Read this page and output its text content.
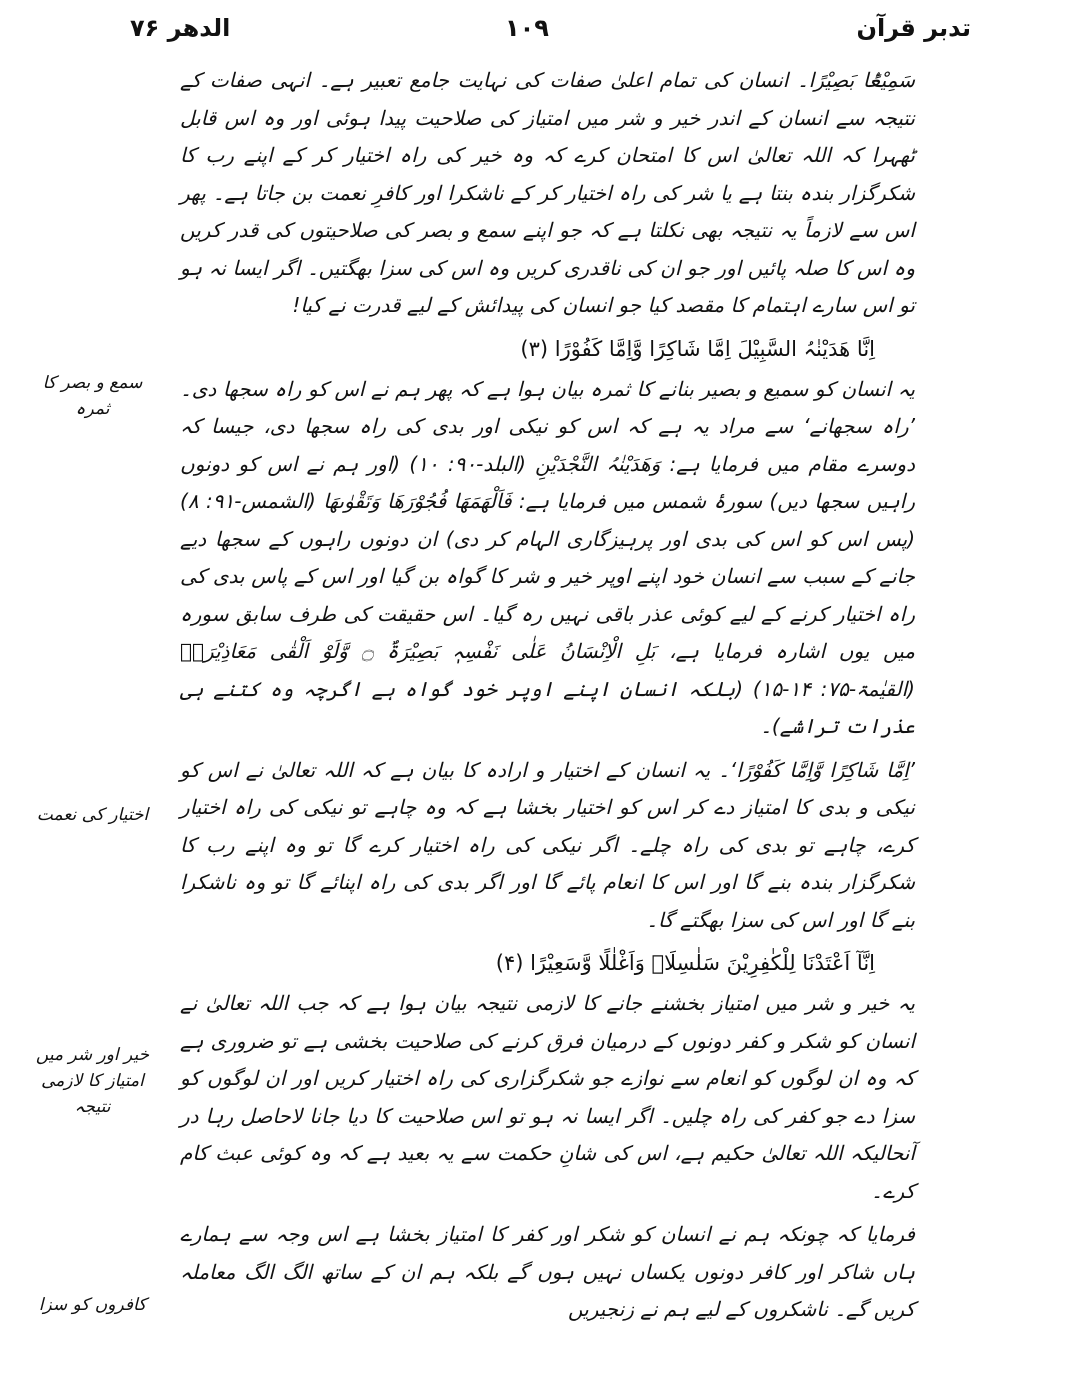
تدبر قرآن
۱۰۹
الدھر ۷۶

سَمِیْعًۢا بَصِیْرًا۔ انسان کی تمام اعلیٰ صفات کی نہایت جامع تعبیر ہے۔ انہی صفات کے نتیجہ سے انسان کے اندر خیر و شر میں امتیاز کی صلاحیت پیدا ہوئی اور وہ اس قابل ٹھہرا کہ اللہ تعالیٰ اس کا امتحان کرے کہ وہ خیر کی راہ اختیار کر کے اپنے رب کا شکرگزار بندہ بنتا ہے یا شر کی راہ اختیار کر کے ناشکرا اور کافرِ نعمت بن جاتا ہے۔ پھر اس سے لازماً یہ نتیجہ بھی نکلتا ہے کہ جو اپنے سمع و بصر کی صلاحیتوں کی قدر کریں وہ اس کا صلہ پائیں اور جو ان کی ناقدری کریں وہ اس کی سزا بھگتیں۔ اگر ایسا نہ ہو تو اس سارے اہتمام کا مقصد کیا جو انسان کی پیدائش کے لیے قدرت نے کیا!

اِنَّا ھَدَیْنٰہُ السَّبِیْلَ اِمَّا شَاکِرًا وَّاِمَّا کَفُوْرًا (۳)

یہ انسان کو سمیع و بصیر بنانے کا ثمرہ بیان ہوا ہے کہ پھر ہم نے اس کو راہ سجھا دی۔ ’راہ سجھانے‘ سے مراد یہ ہے کہ اس کو نیکی اور بدی کی راہ سجھا دی، جیسا کہ دوسرے مقام میں فرمایا ہے: وَھَدَیْنٰہُ النَّجْدَیْنِ (البلد-۹۰: ۱۰) (اور ہم نے اس کو دونوں راہیں سجھا دیں) سورۂ شمس میں فرمایا ہے: فَاَلْھَمَھَا فُجُوْرَھَا وَتَقْوٰىھَا (الشمس-۹۱: ۸) (پس اس کو اس کی بدی اور پرہیزگاری الہام کر دی) ان دونوں راہوں کے سجھا دیے جانے کے سبب سے انسان خود اپنے اوپر خیر و شر کا گواہ بن گیا اور اس کے پاس بدی کی راہ اختیار کرنے کے لیے کوئی عذر باقی نہیں رہ گیا۔ اس حقیقت کی طرف سابق سورہ میں یوں اشارہ فرمایا ہے، بَلِ الْاِنْسَانُ عَلٰی نَفْسِہٖ بَصِیْرَۃٌ ۝ وَّلَوْ اَلْقٰی مَعَاذِیْرَہٗ (القیٰمۃ-۷۵: ۱۴-۱۵) (بلکہ انسان اپنے اوپر خود گواہ ہے اگرچہ وہ کتنے ہی عذرات تراشے)۔

’اِمَّا شَاکِرًا وَّاِمَّا کَفُوْرًا‘۔ یہ انسان کے اختیار و ارادہ کا بیان ہے کہ اللہ تعالیٰ نے اس کو نیکی و بدی کا امتیاز دے کر اس کو اختیار بخشا ہے کہ وہ چاہے تو نیکی کی راہ اختیار کرے، چاہے تو بدی کی راہ چلے۔ اگر نیکی کی راہ اختیار کرے گا تو وہ اپنے رب کا شکرگزار بندہ بنے گا اور اس کا انعام پائے گا اور اگر بدی کی راہ اپنائے گا تو وہ ناشکرا بنے گا اور اس کی سزا بھگتے گا۔

اِنَّآ اَعْتَدْنَا لِلْکٰفِرِیْنَ سَلٰسِلَاۡ وَاَغْلٰلًا وَّسَعِیْرًا (۴)

یہ خیر و شر میں امتیاز بخشنے جانے کا لازمی نتیجہ بیان ہوا ہے کہ جب اللہ تعالیٰ نے انسان کو شکر و کفر دونوں کے درمیان فرق کرنے کی صلاحیت بخشی ہے تو ضروری ہے کہ وہ ان لوگوں کو انعام سے نوازے جو شکرگزاری کی راہ اختیار کریں اور ان لوگوں کو سزا دے جو کفر کی راہ چلیں۔ اگر ایسا نہ ہو تو اس صلاحیت کا دیا جانا لاحاصل رہا در آنحالیکہ اللہ تعالیٰ حکیم ہے، اس کی شانِ حکمت سے یہ بعید ہے کہ وہ کوئی عبث کام کرے۔

فرمایا کہ چونکہ ہم نے انسان کو شکر اور کفر کا امتیاز بخشا ہے اس وجہ سے ہمارے ہاں شاکر اور کافر دونوں یکساں نہیں ہوں گے بلکہ ہم ان کے ساتھ الگ الگ معاملہ کریں گے۔ ناشکروں کے لیے ہم نے زنجیریں

سمع و بصر کا ثمرہ
اختیار کی نعمت
خیر اور شر میں امتیاز کا لازمی نتیجہ
کافروں کو سزا
